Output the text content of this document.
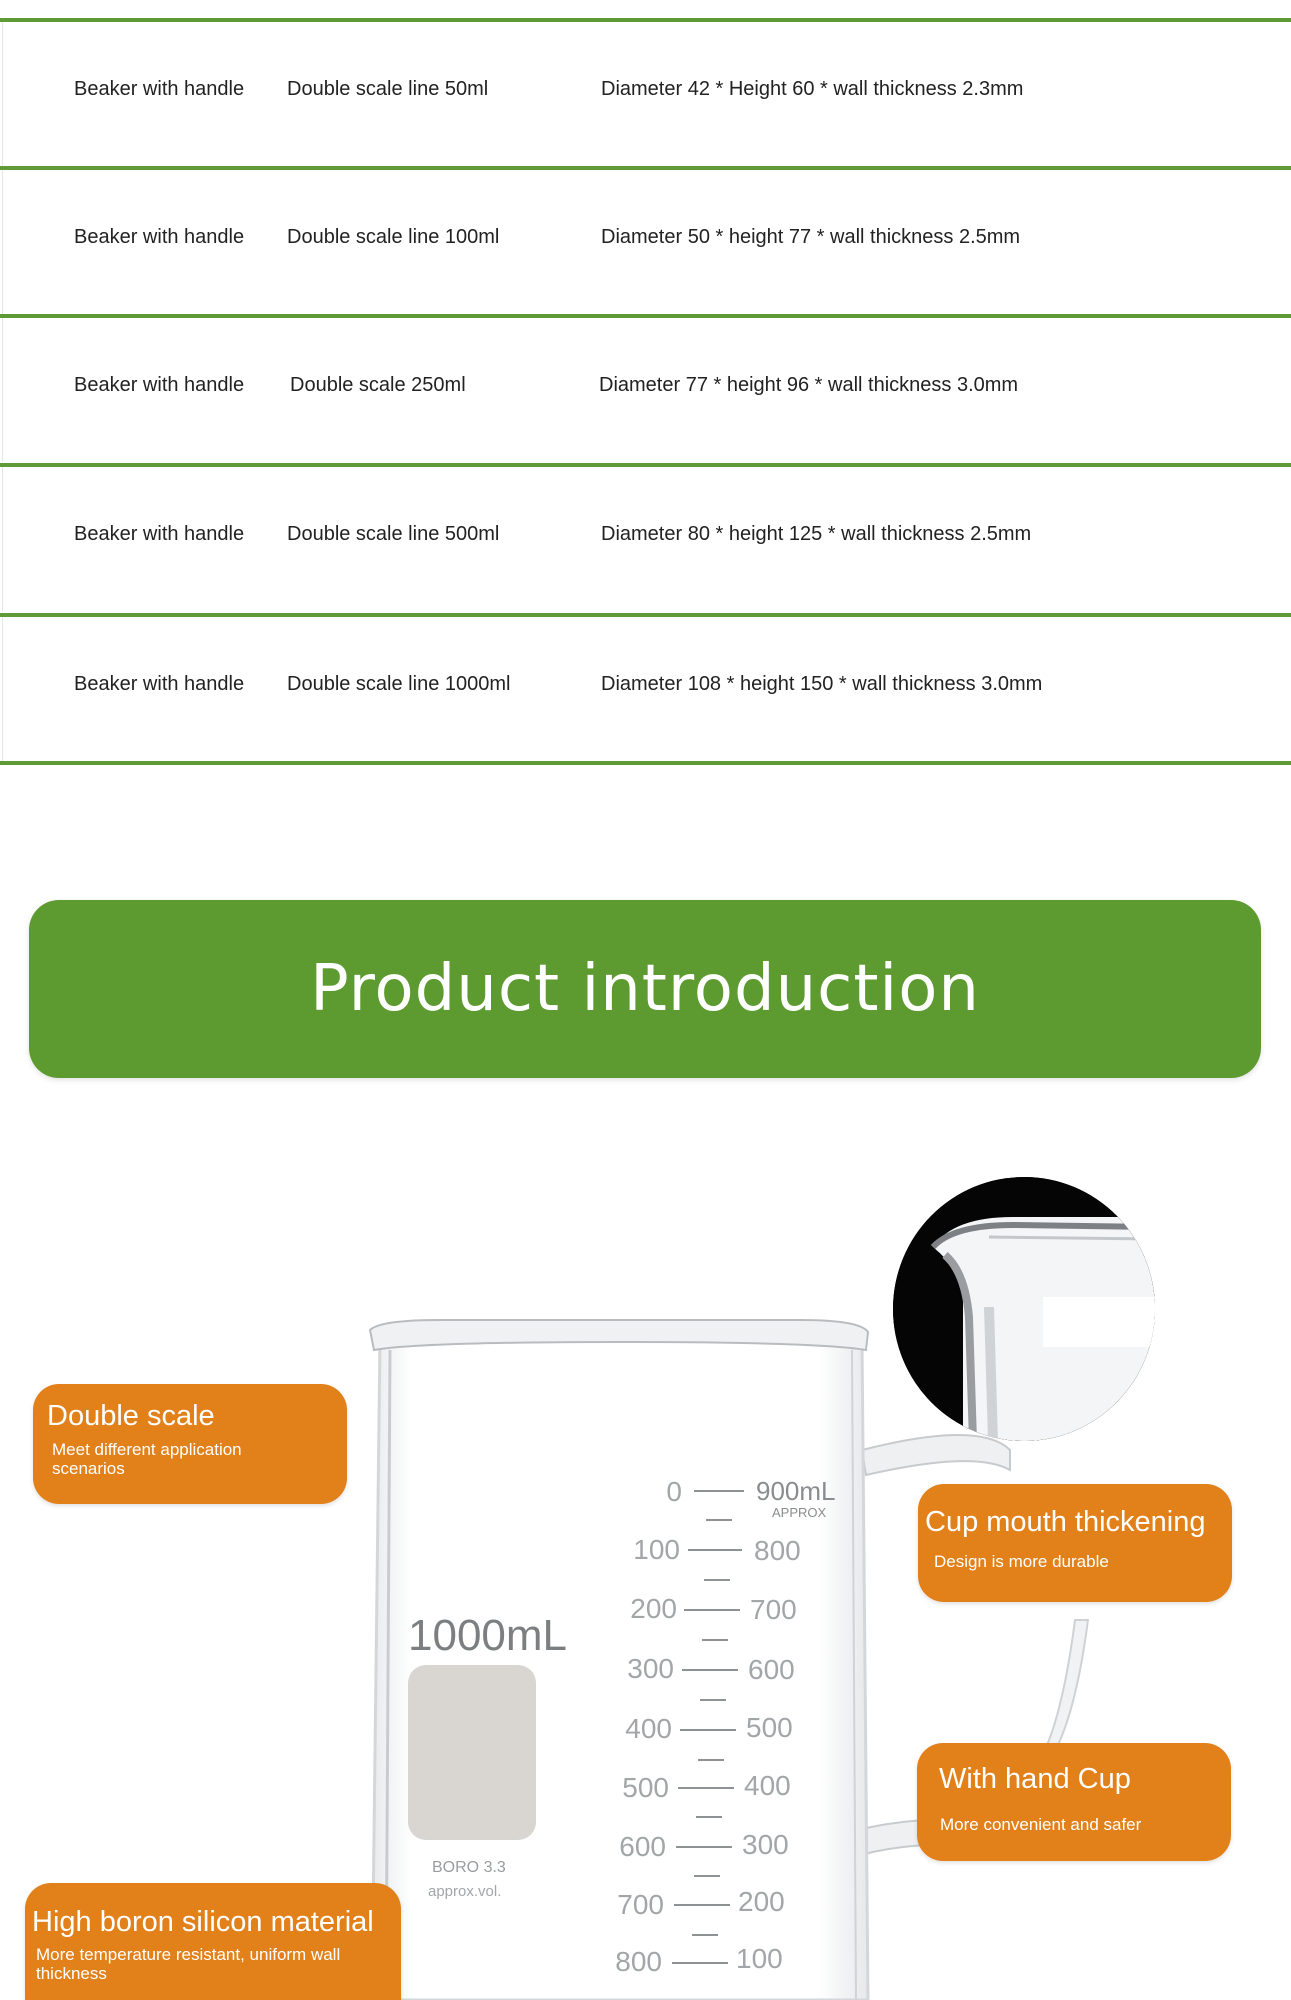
Beaker with handle Double scale line 50ml	Diameter 42 * Height 60 * wall thickness 2.3mm
Beaker with handle Double scale line 100ml	Diameter 50 * height 77 * wall thickness 2.5mm
Beaker with handle Double scale 250ml	Diameter 77 * height 96 * wall thickness 3.0mm
Beaker with handle Double scale line 500ml	Diameter 80 * height 125 * wall thickness 2.5mm
Beaker with handle Double scale line 1000ml	Diameter 108 * height 150 * wall thickness 3.0mm
Product introduction
1000mL
BORO 3.3
approx.vol.
900mL
APPROX
0
100
200
300
400
500
600
700
800
800
700
600
500
400
300
200
100
Double scale
Meet different application scenarios
Cup mouth thickening
Design is more durable
With hand Cup
More convenient and safer
High boron silicon material
More temperature resistant, uniform wall thickness
